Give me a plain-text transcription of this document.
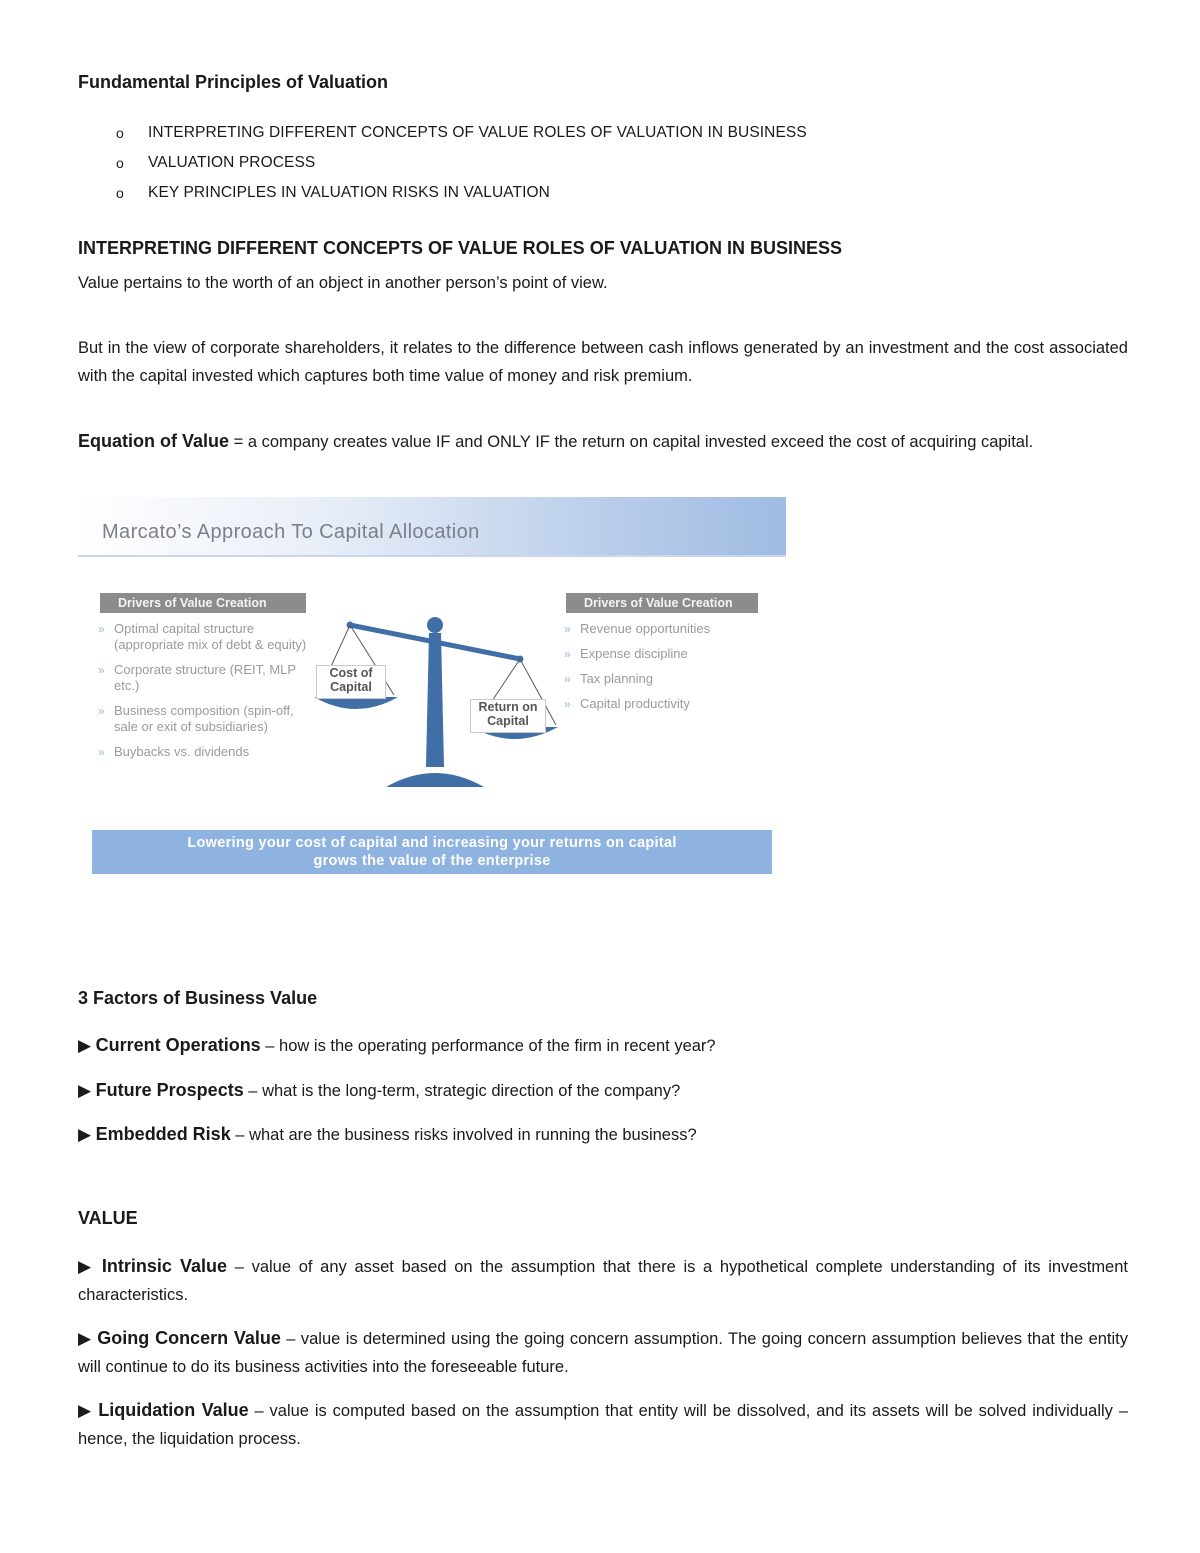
Fundamental Principles of Valuation
o INTERPRETING DIFFERENT CONCEPTS OF VALUE ROLES OF VALUATION IN BUSINESS
o VALUATION PROCESS
o KEY PRINCIPLES IN VALUATION RISKS IN VALUATION
INTERPRETING DIFFERENT CONCEPTS OF VALUE ROLES OF VALUATION IN BUSINESS
Value pertains to the worth of an object in another person’s point of view.
But in the view of corporate shareholders, it relates to the difference between cash inflows generated by an investment and the cost associated with the capital invested which captures both time value of money and risk premium.
Equation of Value = a company creates value IF and ONLY IF the return on capital invested exceed the cost of acquiring capital.
Marcato’s Approach To Capital Allocation
Drivers of Value Creation
» Optimal capital structure (appropriate mix of debt & equity)
» Corporate structure (REIT, MLP etc.)
» Business composition (spin-off, sale or exit of subsidiaries)
» Buybacks vs. dividends
Drivers of Value Creation
» Revenue opportunities
» Expense discipline
» Tax planning
» Capital productivity
Cost of
Capital
Return on
Capital
Lowering your cost of capital and increasing your returns on capital
grows the value of the enterprise
3 Factors of Business Value
▶ Current Operations – how is the operating performance of the firm in recent year?
▶ Future Prospects – what is the long-term, strategic direction of the company?
▶ Embedded Risk – what are the business risks involved in running the business?
VALUE
▶ Intrinsic Value – value of any asset based on the assumption that there is a hypothetical complete understanding of its investment characteristics.
▶ Going Concern Value – value is determined using the going concern assumption. The going concern assumption believes that the entity will continue to do its business activities into the foreseeable future.
▶ Liquidation Value – value is computed based on the assumption that entity will be dissolved, and its assets will be solved individually – hence, the liquidation process.
